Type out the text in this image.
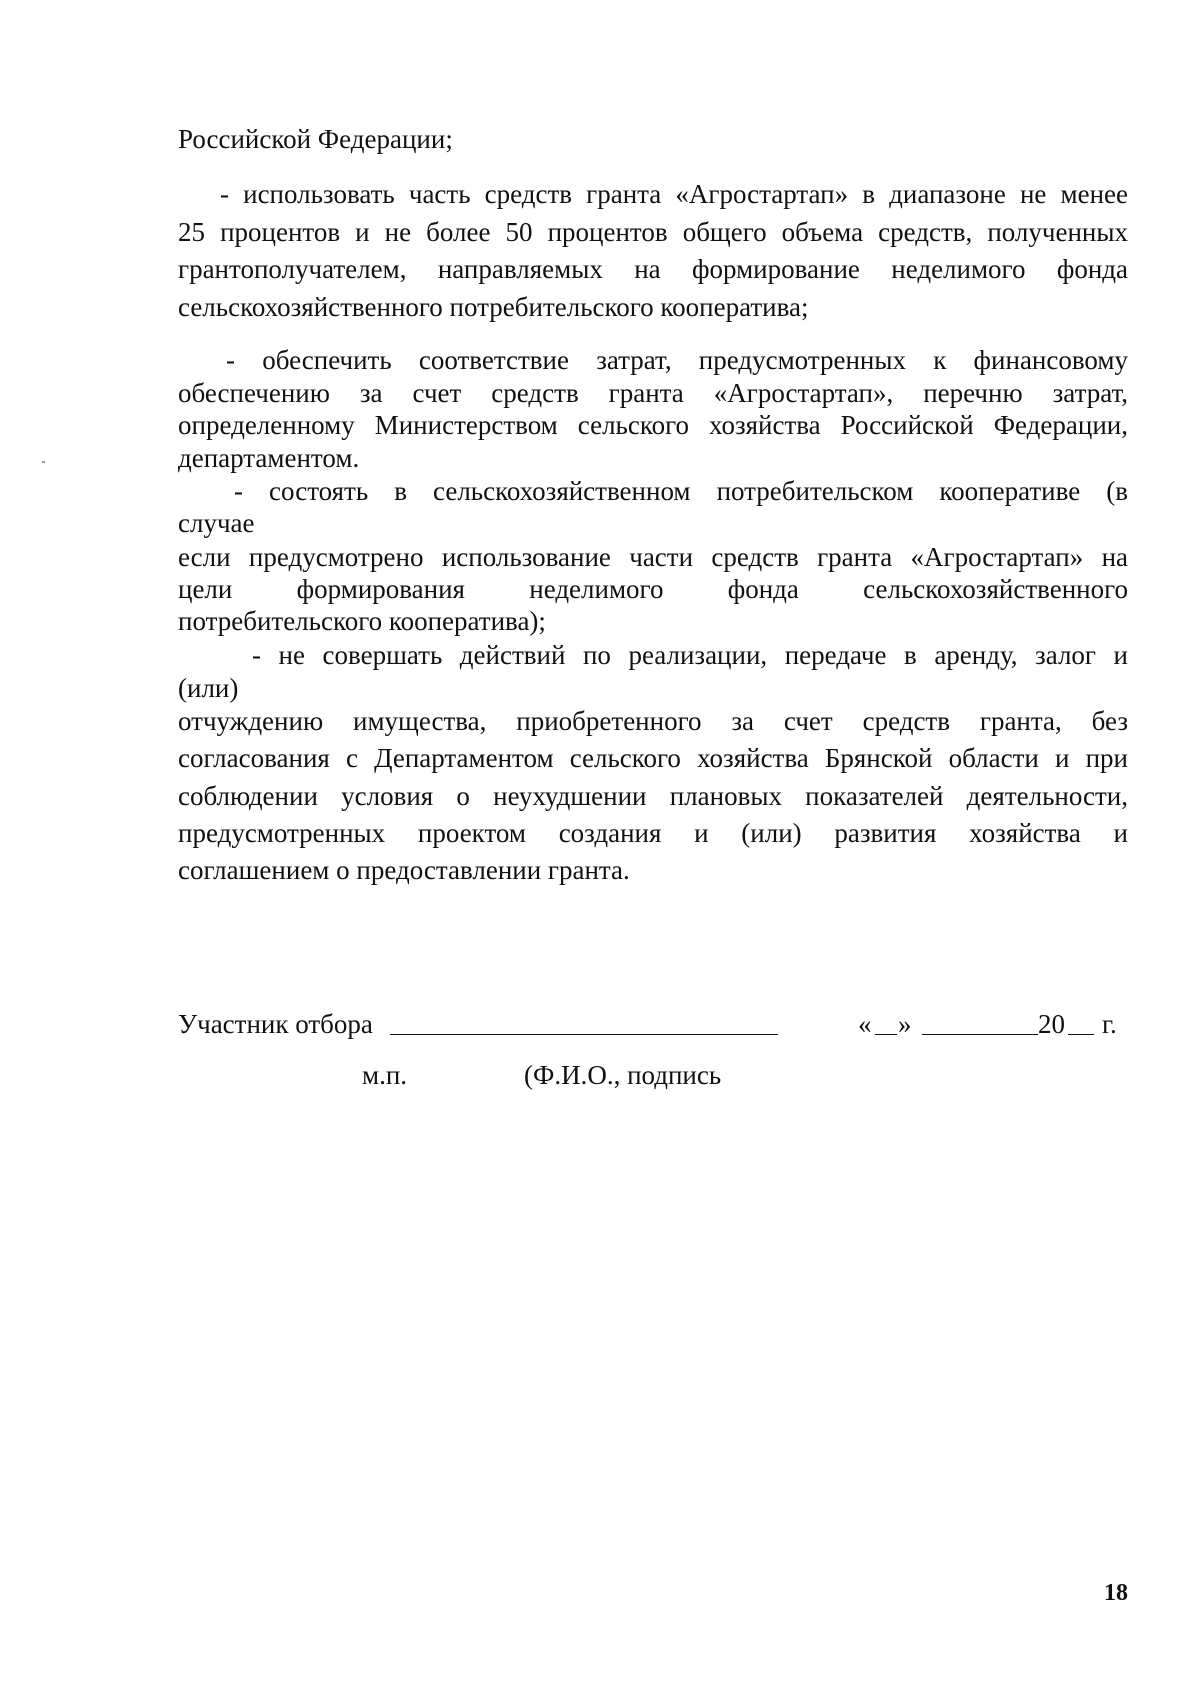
Российской Федерации;
- использовать часть средств гранта «Агростартап» в диапазоне не менее
25 процентов и не более 50 процентов общего объема средств, полученных
грантополучателем, направляемых на формирование неделимого фонда
сельскохозяйственного потребительского кооператива;
- обеспечить соответствие затрат, предусмотренных к финансовому
обеспечению за счет средств гранта «Агростартап», перечню затрат,
определенному Министерством сельского хозяйства Российской Федерации,
департаментом.
- состоять в сельскохозяйственном потребительском кооперативе (в
случае
если предусмотрено использование части средств гранта «Агростартап» на
цели формирования неделимого фонда сельскохозяйственного
потребительского кооператива);
- не совершать действий по реализации, передаче в аренду, залог и
(или)
отчуждению имущества, приобретенного за счет средств гранта, без
согласования с Департаментом сельского хозяйства Брянской области и при
соблюдении условия о неухудшении плановых показателей деятельности,
предусмотренных проектом создания и (или) развития хозяйства и
соглашением о предоставлении гранта.
Участник отбора	« »	20 г.
м.п.	(Ф.И.О., подпись
18
